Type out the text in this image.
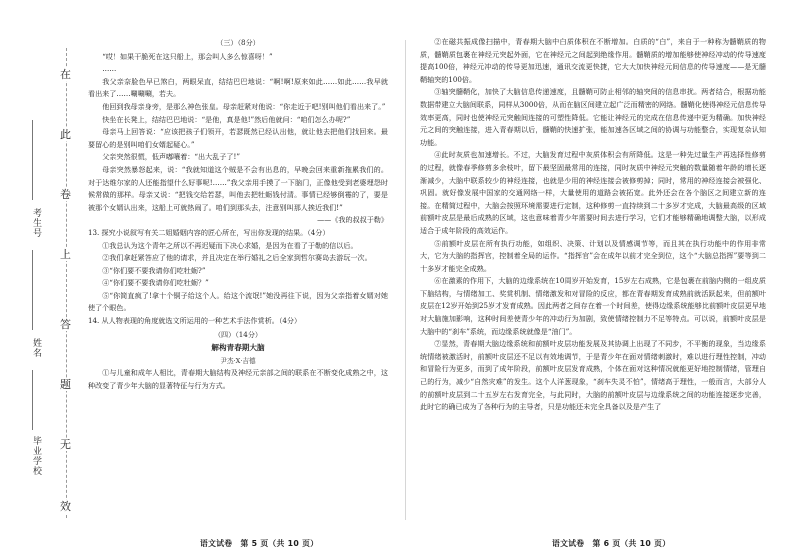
在
此
卷
上
答
题
无
效
考生号
姓名
毕业学校

（三）（8分）

“哎！如果干脆死在这只船上，那会叫人多么惊喜呀！”

……

我父亲奈脸色早已煞白，两眼呆直，结结巴巴地说：“啊!啊!原来如此……如此……我早就看出来了……唰唰唰，若夫。

他回到我母亲身旁，是那么神色张皇。母亲赶紧对他说：“你走近于吧!别叫他们看出来了。”

快坐在长凳上，结结巴巴地说：“是他，真是他!”然后他就问：“咱们怎么办呢?”

母亲马上回答说：“应该把孩子们领开，若瑟既然已经认出他，就让他去把他们找回来。最要留心的是别叫咱们女婿起疑心。”

父亲突然很慌，低声嘟嚷着：“出大乱子了!”

母亲突然暴怒起来，说：“我就知道这个贼是不会有出息的，早晚会回来重新拖累我们的。对于达维尔家的人还能指望什么好事呢!……”我父亲用手摸了一下脑门，正像他受到老婆埋怨时候常做的那样。母亲又说：“把钱交给若瑟，叫他去把牡蛎钱付清。事情已经够倒霉的了，要是被那个女婿认出来，这船上可就热闹了。咱们到那头去，注意别叫那人挨近我们!”

——《我的叔叔于勒》

13. 探究小说叙写有关二姐婚姻内容的匠心所在，写出你发现的结果。（4分）

①我总认为这个青年之所以不再迟疑而下决心求婚，是因为在看了于勒的信以后。

②我们拿赶紧答应了他的请求，并且决定在举行婚礼之后全家到哲尔赛岛去游玩一次。

③“你们要不要我请你们吃牡蛎?”

④“你们要不要我请你们吃牡蛎？”

⑤“你简直疯了!拿十个铜子给这个人。给这个流氓!”她没再往下说，因为父亲指着女婿对她使了个眼色。

14. 从人物表现的角度就选文所运用的一种艺术手法作赏析。（4分）

（四）（14分）

解构青春期大脑

尹杰·X·吉德

①与儿童和成年人相比，青春期大脑结构及神经元亲部之间的联系在不断变化成熟之中，这种改变了青少年大脑的显著特征与行为方式。

②在磁共振成像扫描中，青春期大脑中白质体积在不断增加。白质的“白”，来自于一种称为髓鞘质的物质，髓鞘质包裹在神经元突起外面，它在神经元之间起到绝缘作用。髓鞘质的增加能够使神经冲动的传导速度提高100倍，神经元冲动的传导更加迅速，通讯交流更快捷，它大大加快神经元间信息的传导速度——是无髓鞘轴突的100倍。

③轴突髓鞘化，加快了大脑信息传递速度，且髓鞘可防止相邻的轴突间的信息串扰。两者结合，根据功能数据带建立大脑间联系，同样从3000倍，从而在脑区间建立起广泛而精密的网络。髓鞘化使得神经元信息传导效率更高，同时也使神经元突触间连接的可塑性降低。它能让神经元的完成在信息传递中更为精确。加快神经元之间的突触连接，进入青春期以后，髓鞘的快速扩张，能加速各区域之间的协调与功能整合，实现复杂认知功能。

④此时灰质也加速增长。不过，大脑发育过程中灰质体积会有所降低。这是一种先过量生产再选择性修剪的过程，就像春季修剪多余枝叶，留下最坚固最常用的连接，同时灰质中神经元突触的数量随着年龄的增长逐渐减少，大脑中联系较少的神经连接，也就是少用的神经连接会被修剪掉；同时，常用的神经连接会被强化、巩固。就好像发展中国家的交通网络一样，大量使用的道路会被拓宽。此外还会在各个脑区之间建立新的连接。在精简过程中，大脑会按照环境需要进行定制，这种修剪一直持续到二十多岁才完成，大脑最高级的区域前额叶皮层是最后成熟的区域，这也意味着青少年需要时间去进行学习，它们才能够精确地调整大脑，以形成适合于成年阶段的高效运作。

⑤前额叶皮层在所有执行功能，如组织、决策、计划以及情感调节等，而且其在执行功能中的作用非常大，它为大脑的指挥官，控制着全局的运作。“指挥官”会在成年以前才完全到位，这个“大脑总指挥”要等到二十多岁才能完全成熟。

⑥在激素的作用下，大脑的边缘系统在10周岁开始发育，15岁左右成熟，它是包裹在前脑内侧的一组皮质下脑结构，与情绪加工、奖赏机制、情绪激发和对冒险的反应，都在青春期发育成熟前就活跃起来，但前额叶皮层在12岁开始到25岁才发育成熟。因此两者之间存在着一个时间差，使得边缘系统能够比前额叶皮层更早地对大脑施加影响，这种时间差使青少年的冲动行为加剧，致使情绪控制力不足等特点。可以说，前额叶皮层是大脑中的“刹车”系统，而边缘系统就像是“油门”。

⑦显然，青春期大脑边缘系统和前额叶皮层功能发展及其协调上出现了不同步，不平衡的现象，当边缘系统情绪被激活时，前额叶皮层还不足以有效地调节，于是青少年在面对情绪刺激时，难以进行理性控制，冲动和冒险行为更多，而到了成年阶段，前额叶皮层发育成熟，个体在面对这种情况就能更好地控制情绪，管理自己的行为，减少“自然灾难”的发生。这个人洋葱现象，“刹车失灵不怕”，情绪高于理性，一般而言，大部分人的前额叶皮层到二十五岁左右发育完全，与此同时，大脑的前额叶皮层与边缘系统之间的功能连接逐步完善，此时它的确已成为了各种行为的主导者，只是功能还未完全具备以及是产生了

语文试卷　第 5 页（共 10 页）	语文试卷　第 6 页（共 10 页）
